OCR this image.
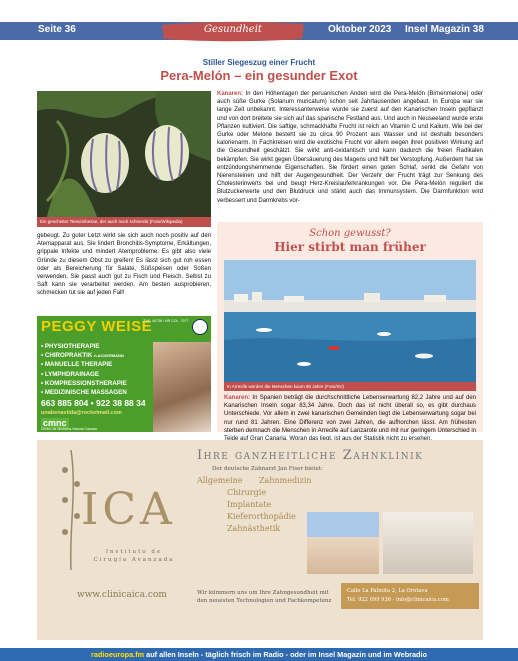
Seite 36	Oktober 2023 Insel Magazin 38
Gesundheit
Stiller Siegeszug einer Frucht
Pera-Melón – ein gesunder Exot
Ein gescheiter Teeseinbesse, der auch noch schmeckt (Foto/Wikipedia)
Kanaren: In den Höhenlagen der peruanischen Anden wird die Pera-Melón (Birnenmelone) oder auch süße Gurke (Solanum muricatum) schon seit Jahrtausenden angebaut. In Europa war sie lange Zeit unbekannt. Interessanterweise wurde sie zuerst auf den Kanarischen Inseln gepflanzt und von dort breitete sie sich auf das spanische Festland aus. Und auch in Neuseeland wurde erste Pflanzen kultiviert. Die saftige, schmackhafte Frucht ist reich an Vitamin C und Kalium. Wie bei der Gurke oder Melone besteht sie zu circa 90 Prozent aus Wasser und ist deshalb besonders kalorienarm. In Fachkreisen wird die exotische Frucht vor allem wegen ihrer positiven Wirkung auf die Gesundheit geschätzt. Sie wirkt anti-oxidantisch und kann dadurch die freien Radikalen bekämpfen. Sie wirkt gegen Übersäuerung des Magens und hilft bei Verstopfung. Außerdem hat sie entzündungshemmende Eigenschaften. Sie fördert einen guten Schlaf, senkt die Gefahr von Nierensteinen und hilft der Augengesundheit. Der Verzehr der Frucht trägt zur Senkung des Cholesterinwerts bei und beugt Herz-Kreislauferkrankungen vor. Die Pera-Melón reguliert die Blutzuckerwerte und den Blutdruck und stärkt auch das Immunsystem. Die Darmfunktion wird verbessert und Darmkrebs vor-
gebeugt. Zu guter Letzt wirkt sie sich auch noch positiv auf den Atemapparat aus. Sie lindert Bronchitis-Symptome, Erkältungen, grippale Infekte und mindert Atemprobleme. Es gibt also viele Gründe zu diesem Obst zu greifen! Es lässt sich gut roh essen oder als Bereicherung für Salate, Süßspeisen oder Soßen verwenden. Sie passt auch gut zu Fisch und Fleisch. Selbst zu Saft kann sie verarbeitet werden. Am besten ausprobieren, schmecken tut sie auf jeden Fall!
Schon gewusst?
Hier stirbt man früher
In Arrecife werden die Menschen kaum 80 Jahre (Foto/SV)
Kanaren: In Spanien beträgt die durchschnittliche Lebenserwartung 82,2 Jahre und auf den Kanarischen Inseln sogar 83,34 Jahre. Doch das ist nicht überall so, es gibt durchaus Unterschiede. Vor allem in zwei kanarischen Gemeinden liegt die Lebenserwartung sogar bei nur rund 81 Jahren. Eine Differenz von zwei Jahren, die aufhorchen lässt. Am frühesten sterben demnach die Menschen in Arrecife auf Lanzarote und mit nur geringem Unterschied in
PEGGY WEISE
ZVK: 44738 / NR COL. 7977
• PHYSIOTHERAPIE
• CHIROPRAKTIK n.ACKERMANN
• MANUELLE THERAPIE
• LYMPHDRAINAGE
• KOMPRESSIONSTHERAPIE
• MEDIZINISCHE MASSAGEN
663 885 804 • 922 38 88 34
unabenaviida@rocketmail.com
cmnc
Centro de Medicina Natural Canaria
ICA
Instituto de
Cirugía Avanzada
www.clinicaica.com
Ihre ganzheitliche Zahnklinik
Der deutsche Zahnarzt Jan Fiser bietet:
Allgemeine Zahnmedizin
Chirurgie
Implantate
Kieferorthopädie
Zahnästhetik
Wir kümmern uns um Ihre Zahngesundheit mit
den neuesten Technologien und Fachkompetenz
Calle La Palmita 2, La Orotava
Tel. 922 099 936 · info@clinicaica.com
radioeuropa.fm auf allen Inseln - täglich frisch im Radio - oder im Insel Magazin und im Webradio
